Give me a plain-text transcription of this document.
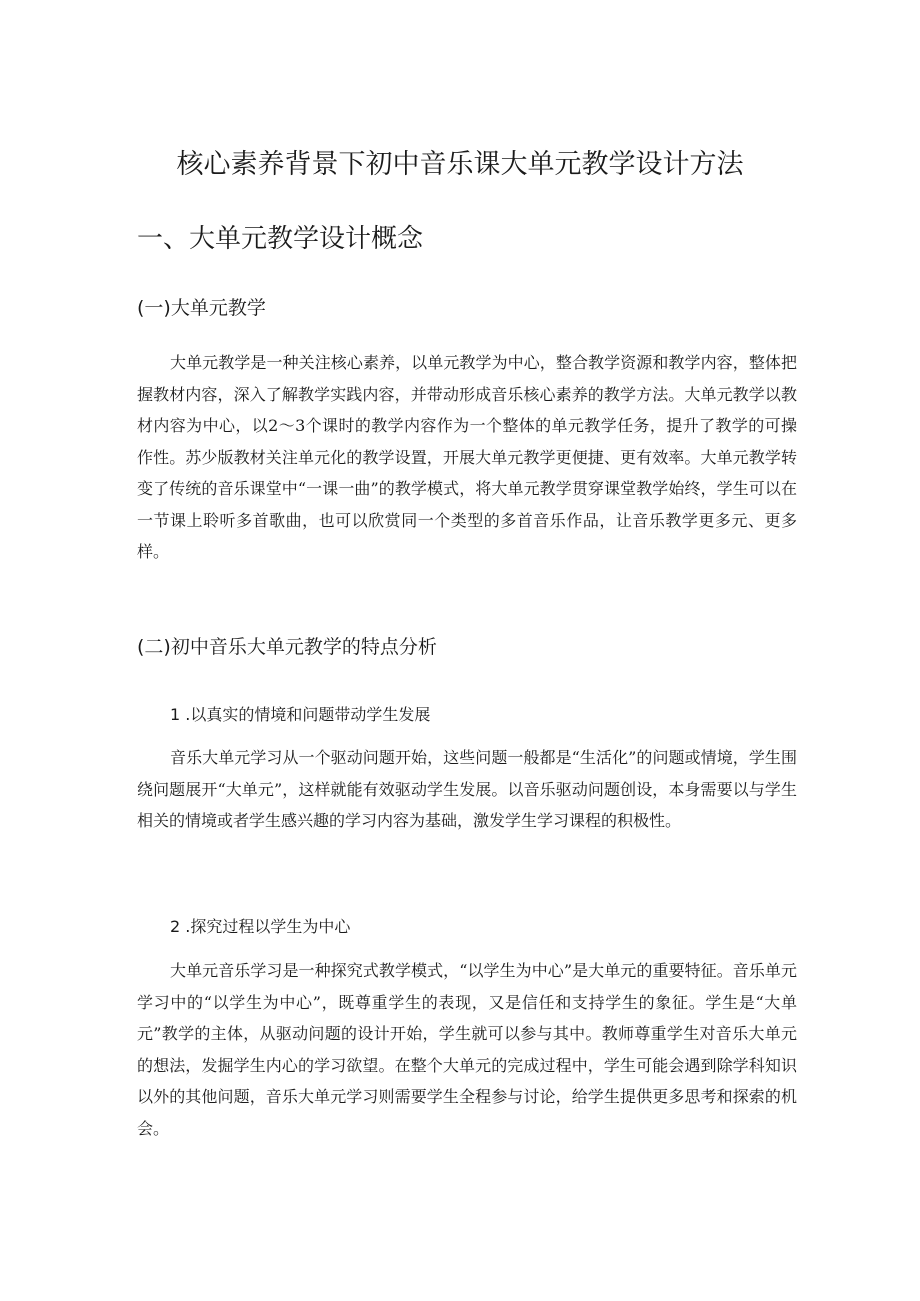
核心素养背景下初中音乐课大单元教学设计方法
一、大单元教学设计概念
(一)大单元教学

大单元教学是一种关注核心素养，以单元教学为中心，整合教学资源和教学内容，整体把握教材内容，深入了解教学实践内容，并带动形成音乐核心素养的教学方法。大单元教学以教材内容为中心，以2〜3个课时的教学内容作为一个整体的单元教学任务，提升了教学的可操作性。苏少版教材关注单元化的教学设置，开展大单元教学更便捷、更有效率。大单元教学转变了传统的音乐课堂中“一课一曲”的教学模式，将大单元教学贯穿课堂教学始终，学生可以在一节课上聆听多首歌曲，也可以欣赏同一个类型的多首音乐作品，让音乐教学更多元、更多样。

(二)初中音乐大单元教学的特点分析
1 .以真实的情境和问题带动学生发展

音乐大单元学习从一个驱动问题开始，这些问题一般都是“生活化”的问题或情境，学生围绕问题展开“大单元”，这样就能有效驱动学生发展。以音乐驱动问题创设，本身需要以与学生相关的情境或者学生感兴趣的学习内容为基础，激发学生学习课程的积极性。

2 .探究过程以学生为中心

大单元音乐学习是一种探究式教学模式，“以学生为中心”是大单元的重要特征。音乐单元学习中的“以学生为中心”，既尊重学生的表现，又是信任和支持学生的象征。学生是“大单元”教学的主体，从驱动问题的设计开始，学生就可以参与其中。教师尊重学生对音乐大单元的想法，发掘学生内心的学习欲望。在整个大单元的完成过程中，学生可能会遇到除学科知识以外的其他问题，音乐大单元学习则需要学生全程参与讨论，给学生提供更多思考和探索的机会。
